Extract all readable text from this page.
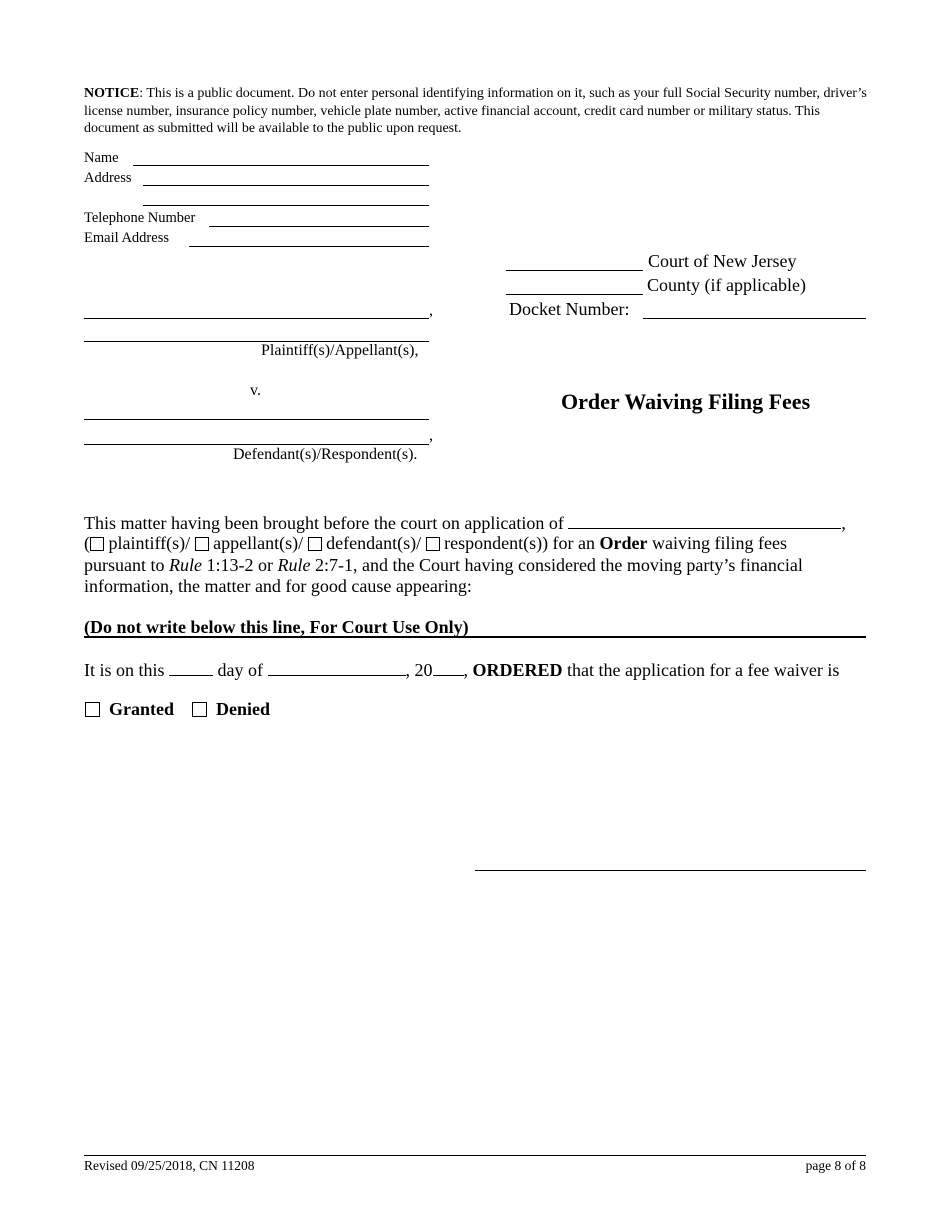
NOTICE: This is a public document. Do not enter personal identifying information on it, such as your full Social Security number, driver’s license number, insurance policy number, vehicle plate number, active financial account, credit card number or military status. This document as submitted will be available to the public upon request.
Name
Address
Telephone Number
Email Address
Court of New Jersey
County (if applicable)
Docket Number:
,
Plaintiff(s)/Appellant(s),
v.
,
Defendant(s)/Respondent(s).
Order Waiving Filing Fees
This matter having been brought before the court on application of	,
( plaintiff(s)/ appellant(s)/ defendant(s)/ respondent(s)) for an Order waiving filing fees
pursuant to Rule 1:13-2 or Rule 2:7-1, and the Court having considered the moving party’s financial
information, the matter and for good cause appearing:
(Do not write below this line, For Court Use Only)
It is on this	day of	, 20 , ORDERED that the application for a fee waiver is
Granted Denied
Revised 09/25/2018, CN 11208	page 8 of 8
